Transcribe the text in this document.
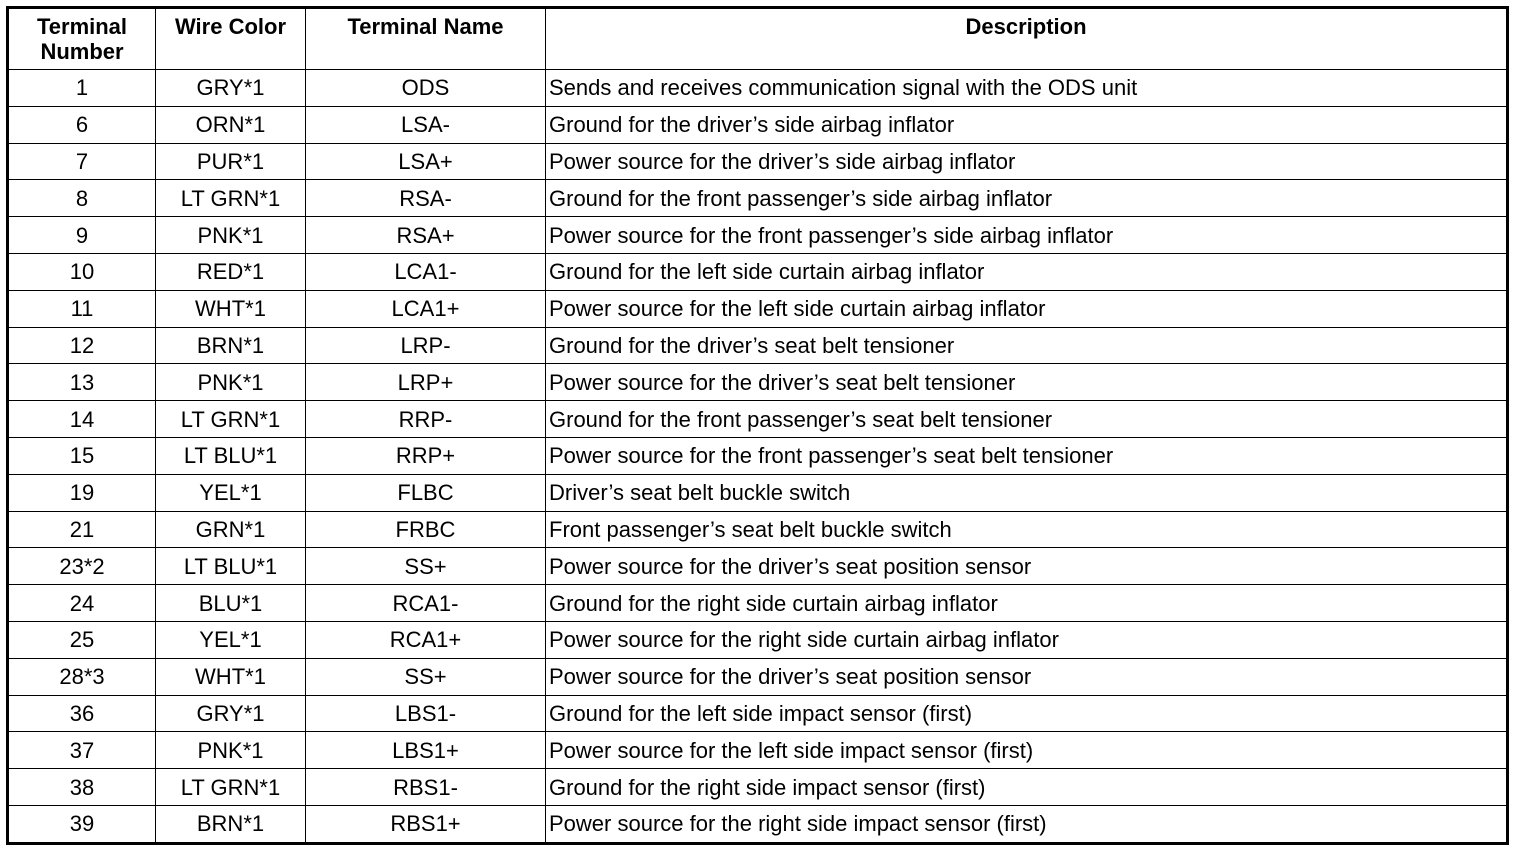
Terminal Number	Wire Color	Terminal Name	Description
1	GRY*1	ODS	Sends and receives communication signal with the ODS unit
6	ORN*1	LSA-	Ground for the driver’s side airbag inflator
7	PUR*1	LSA+	Power source for the driver’s side airbag inflator
8	LT GRN*1	RSA-	Ground for the front passenger’s side airbag inflator
9	PNK*1	RSA+	Power source for the front passenger’s side airbag inflator
10	RED*1	LCA1-	Ground for the left side curtain airbag inflator
11	WHT*1	LCA1+	Power source for the left side curtain airbag inflator
12	BRN*1	LRP-	Ground for the driver’s seat belt tensioner
13	PNK*1	LRP+	Power source for the driver’s seat belt tensioner
14	LT GRN*1	RRP-	Ground for the front passenger’s seat belt tensioner
15	LT BLU*1	RRP+	Power source for the front passenger’s seat belt tensioner
19	YEL*1	FLBC	Driver’s seat belt buckle switch
21	GRN*1	FRBC	Front passenger’s seat belt buckle switch
23*2	LT BLU*1	SS+	Power source for the driver’s seat position sensor
24	BLU*1	RCA1-	Ground for the right side curtain airbag inflator
25	YEL*1	RCA1+	Power source for the right side curtain airbag inflator
28*3	WHT*1	SS+	Power source for the driver’s seat position sensor
36	GRY*1	LBS1-	Ground for the left side impact sensor (first)
37	PNK*1	LBS1+	Power source for the left side impact sensor (first)
38	LT GRN*1	RBS1-	Ground for the right side impact sensor (first)
39	BRN*1	RBS1+	Power source for the right side impact sensor (first)
